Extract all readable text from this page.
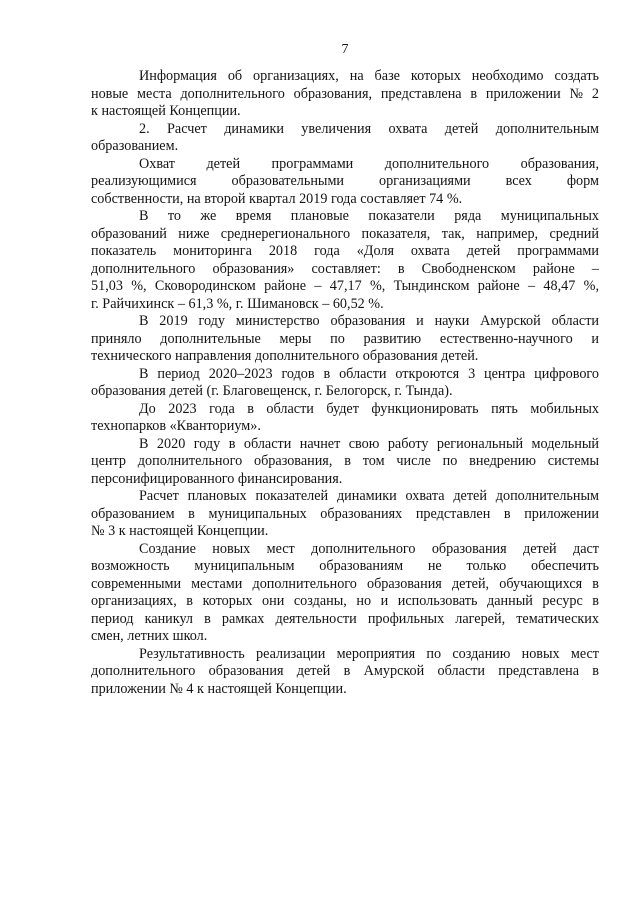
7
Информация об организациях, на базе которых необходимо создать
новые места дополнительного образования, представлена в приложении № 2
к настоящей Концепции.
2. Расчет динамики увеличения охвата детей дополнительным
образованием.
Охват детей программами дополнительного образования,
реализующимися образовательными организациями всех форм
собственности, на второй квартал 2019 года составляет 74 %.
В то же время плановые показатели ряда муниципальных
образований ниже среднерегионального показателя, так, например, средний
показатель мониторинга 2018 года «Доля охвата детей программами
дополнительного образования» составляет: в Свободненском районе –
51,03 %, Сковородинском районе – 47,17 %, Тындинском районе – 48,47 %,
г. Райчихинск – 61,3 %, г. Шимановск – 60,52 %.
В 2019 году министерство образования и науки Амурской области
приняло дополнительные меры по развитию естественно-научного и
технического направления дополнительного образования детей.
В период 2020–2023 годов в области откроются 3 центра цифрового
образования детей (г. Благовещенск, г. Белогорск, г. Тында).
До 2023 года в области будет функционировать пять мобильных
технопарков «Кванториум».
В 2020 году в области начнет свою работу региональный модельный
центр дополнительного образования, в том числе по внедрению системы
персонифицированного финансирования.
Расчет плановых показателей динамики охвата детей дополнительным
образованием в муниципальных образованиях представлен в приложении
№ 3 к настоящей Концепции.
Создание новых мест дополнительного образования детей даст
возможность муниципальным образованиям не только обеспечить
современными местами дополнительного образования детей, обучающихся в
организациях, в которых они созданы, но и использовать данный ресурс в
период каникул в рамках деятельности профильных лагерей, тематических
смен, летних школ.
Результативность реализации мероприятия по созданию новых мест
дополнительного образования детей в Амурской области представлена в
приложении № 4 к настоящей Концепции.
